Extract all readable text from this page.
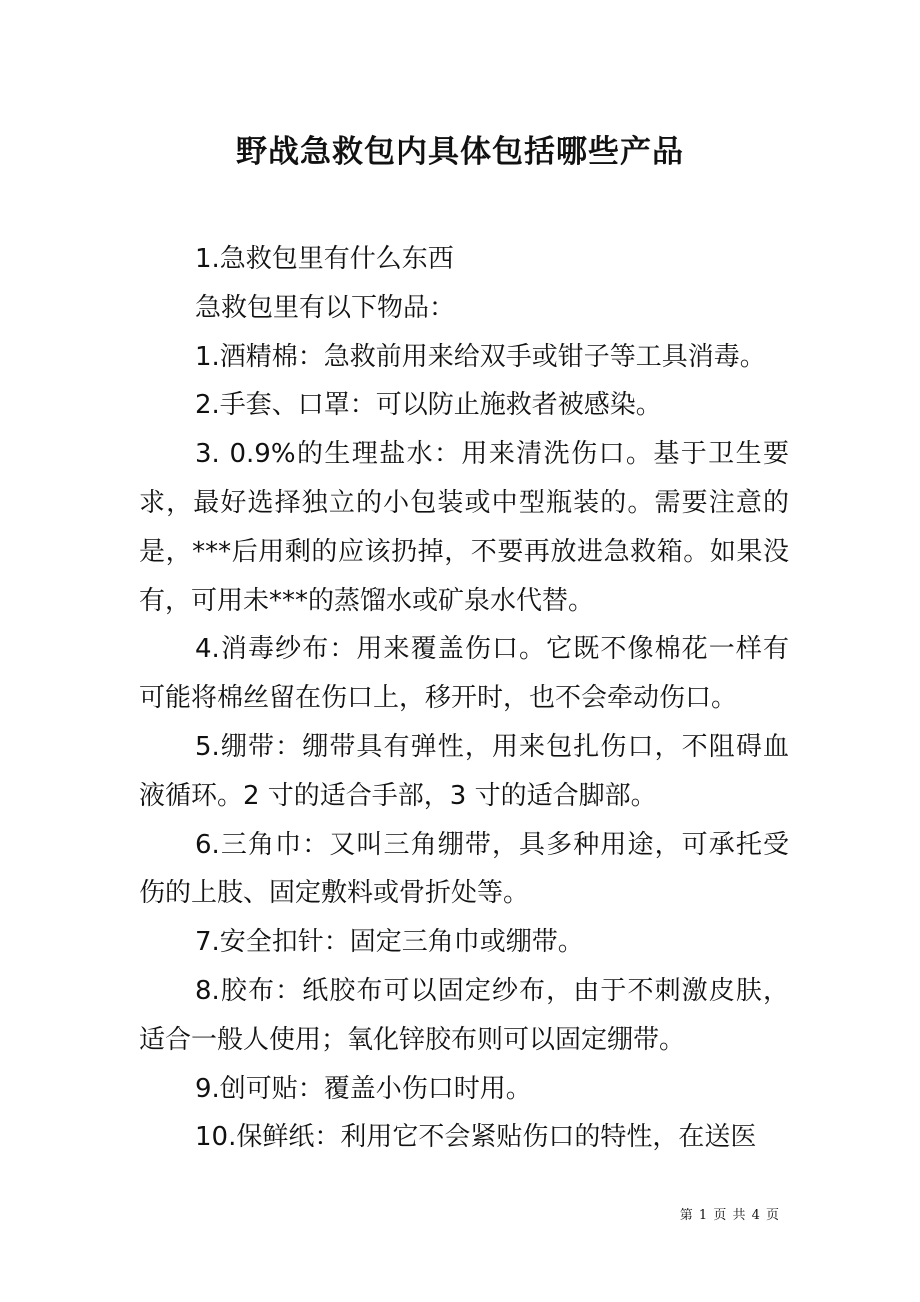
野战急救包内具体包括哪些产品

1.急救包里有什么东西

急救包里有以下物品：

1.酒精棉：急救前用来给双手或钳子等工具消毒。

2.手套、口罩：可以防止施救者被感染。

3. 0.9%的生理盐水：用来清洗伤口。基于卫生要求，最好选择独立的小包装或中型瓶装的。需要注意的是，***后用剩的应该扔掉，不要再放进急救箱。如果没有，可用未***的蒸馏水或矿泉水代替。

4.消毒纱布：用来覆盖伤口。它既不像棉花一样有可能将棉丝留在伤口上，移开时，也不会牵动伤口。

5.绷带：绷带具有弹性，用来包扎伤口，不阻碍血液循环。2 寸的适合手部，3 寸的适合脚部。

6.三角巾：又叫三角绷带，具多种用途，可承托受伤的上肢、固定敷料或骨折处等。

7.安全扣针：固定三角巾或绷带。

8.胶布：纸胶布可以固定纱布，由于不刺激皮肤，适合一般人使用；氧化锌胶布则可以固定绷带。

9.创可贴：覆盖小伤口时用。

10.保鲜纸：利用它不会紧贴伤口的特性，在送医

第 1 页 共 4 页
